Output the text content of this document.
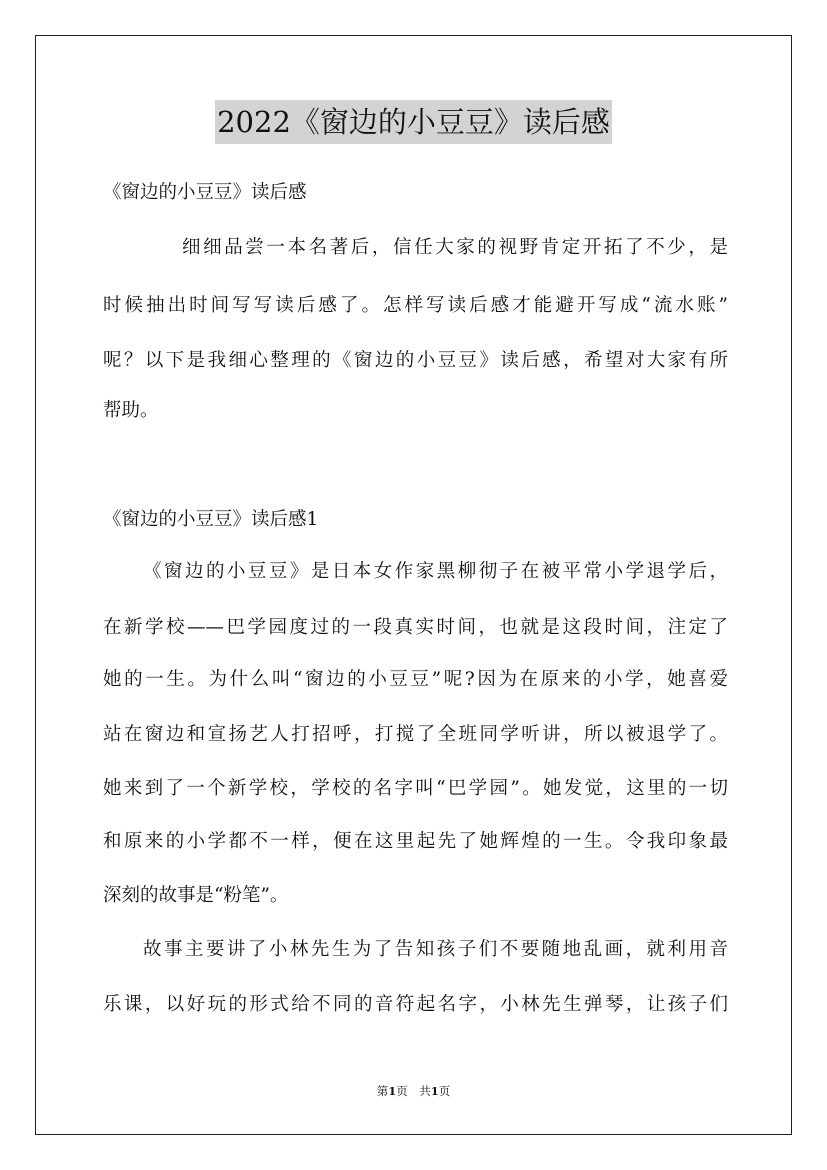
2022《窗边的小豆豆》读后感
《窗边的小豆豆》读后感
细细品尝一本名著后，信任大家的视野肯定开拓了不少，是
时候抽出时间写写读后感了。怎样写读后感才能避开写成“流水账”
呢？以下是我细心整理的《窗边的小豆豆》读后感，希望对大家有所
帮助。
《窗边的小豆豆》读后感1
《窗边的小豆豆》是日本女作家黑柳彻子在被平常小学退学后，
在新学校——巴学园度过的一段真实时间，也就是这段时间，注定了
她的一生。为什么叫“窗边的小豆豆”呢?因为在原来的小学，她喜爱
站在窗边和宣扬艺人打招呼，打搅了全班同学听讲，所以被退学了。
她来到了一个新学校，学校的名字叫“巴学园”。她发觉，这里的一切
和原来的小学都不一样，便在这里起先了她辉煌的一生。令我印象最
深刻的故事是“粉笔”。
故事主要讲了小林先生为了告知孩子们不要随地乱画，就利用音
乐课，以好玩的形式给不同的音符起名字，小林先生弹琴，让孩子们
第1页　共1页
